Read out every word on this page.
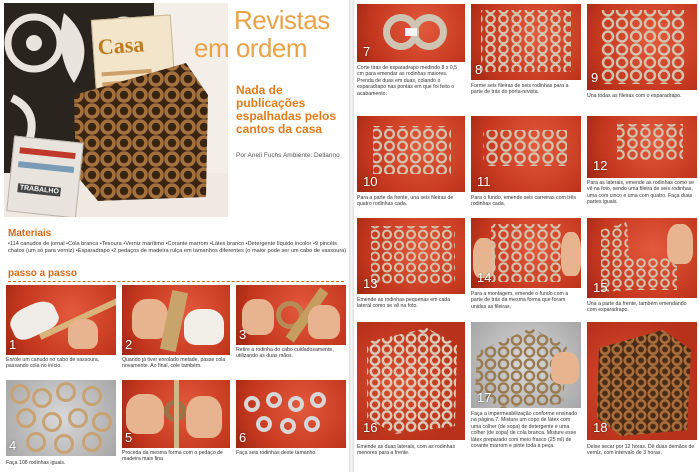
Casa
TRABALHO
Revistas
em ordem
Nada de publicações espalhadas pelos cantos da casa
Por Aneli Fuchs Ambiente: Dellanno
Materiais
•114 canudos de jornal •Cola branca •Tesoura •Verniz marítimo •Corante marrom •Látex branco •Detergente líquido incolor •9 pincéis chatos (um só para verniz) •Esparadrapo •2 pedaços de madeira rulça em tamanhos diferentes (o maior pode ser um cabo de vassoura)
passo a passo
1
Enrole um canudo no cabo de vassoura, passando cola no início.
2
Quando já tiver enrolado metade, passe cola novamente. Ao final, cole também.
3
Retire a rodinha do cabo cuidadosamente, utilizando as duas mãos.
4
Faça 108 rodinhas iguais.
5
Proceda da mesma forma com o pedaço de madeira mais fina
6
Faça seis rodinhas deste tamanho.
7
Corte tiras de esparadrapo medindo 8 x 0,5 cm para emendar as rodinhas maiores. Prenda de duas em duas, colando o esparadrapo nas pontas em que foi feito o acabamento.
8
Forme seis fileiras de seis rodinhas para a parte de trás do porta-revista.
9
Una todas as fileiras com o esparadrapo.
10
Para a parte da frente, una seis fileiras de quatro rodinhas cada.
11
Para o fundo, emende seis carreiras com três rodinhas cada.
12
Para as laterais, emende as rodinhas como se vê na foto, sendo uma fileira de seis rodinhas, uma com cinco e uma com quatro. Faça duas partes iguais.
13
Emende as rodinhas pequenas em cada lateral como se vê na foto.
14
Para a montagem, emende o fundo com a parte de trás da mesma forma que foram unidas as fileiras.
15
Una a parte da frente, também emendando com esparadrapo.
16
Emende as duas laterais, com as rodinhas menores para a frente.
17
Faça a impermeabilização conforme ensinado na página 7. Misture um copo de látex com uma colher (de sopa) de detergente e uma colher (de sopa) de cola branca. Misture esse látex preparado com meio frasco (25 ml) de corante marrom e pinte toda a peça.
18
Deixe secar por 12 horas. Dê duas demãos de verniz, com intervalo de 3 horas.
